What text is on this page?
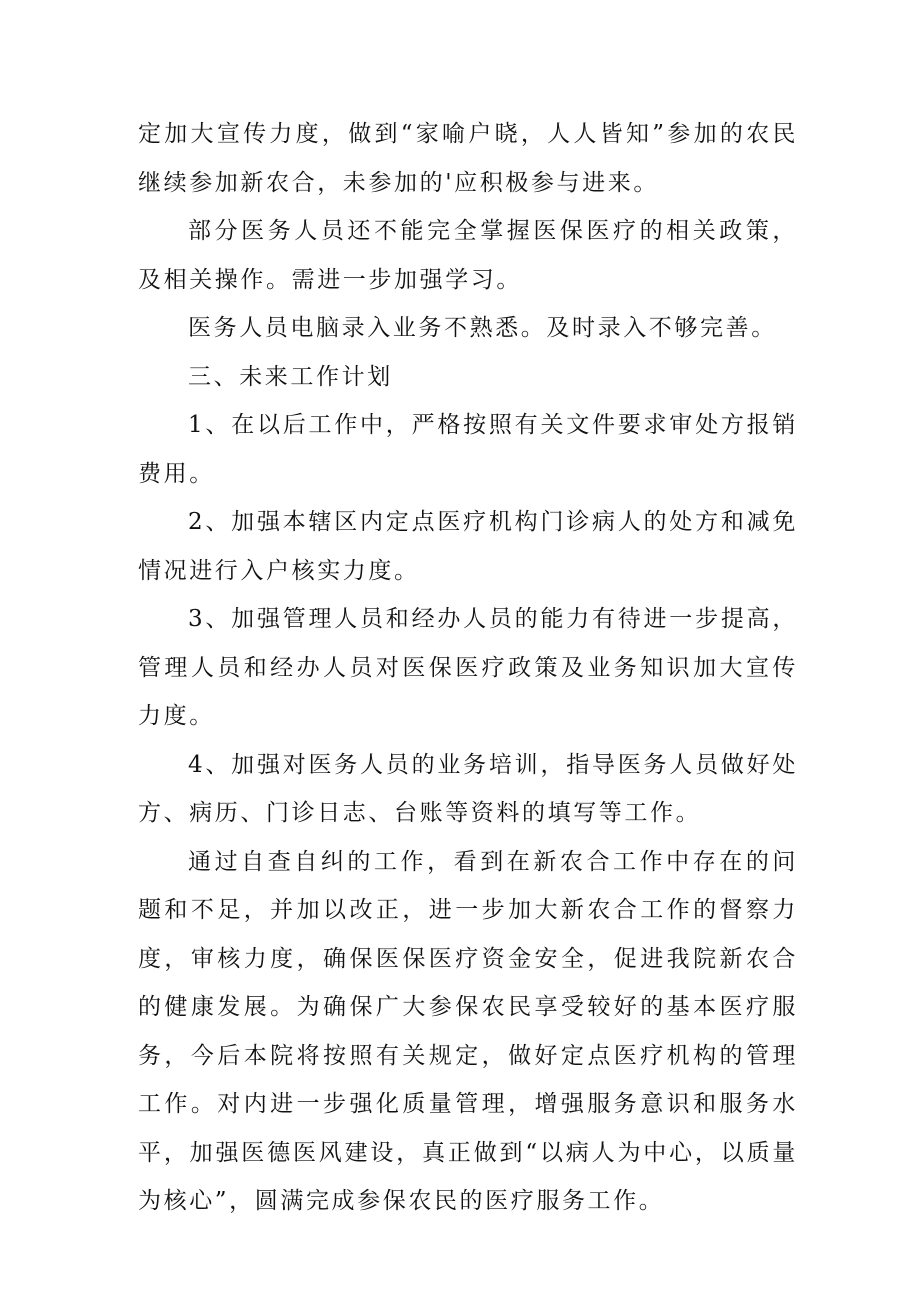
定加大宣传力度，做到“家喻户晓，人人皆知”参加的农民继续参加新农合，未参加的'应积极参与进来。

部分医务人员还不能完全掌握医保医疗的相关政策，及相关操作。需进一步加强学习。

医务人员电脑录入业务不熟悉。及时录入不够完善。

三、未来工作计划

1、在以后工作中，严格按照有关文件要求审处方报销费用。

2、加强本辖区内定点医疗机构门诊病人的处方和减免情况进行入户核实力度。

3、加强管理人员和经办人员的能力有待进一步提高，管理人员和经办人员对医保医疗政策及业务知识加大宣传力度。

4、加强对医务人员的业务培训，指导医务人员做好处方、病历、门诊日志、台账等资料的填写等工作。

通过自查自纠的工作，看到在新农合工作中存在的问题和不足，并加以改正，进一步加大新农合工作的督察力度，审核力度，确保医保医疗资金安全，促进我院新农合的健康发展。为确保广大参保农民享受较好的基本医疗服务，今后本院将按照有关规定，做好定点医疗机构的管理工作。对内进一步强化质量管理，增强服务意识和服务水平，加强医德医风建设，真正做到“以病人为中心，以质量为核心”，圆满完成参保农民的医疗服务工作。
